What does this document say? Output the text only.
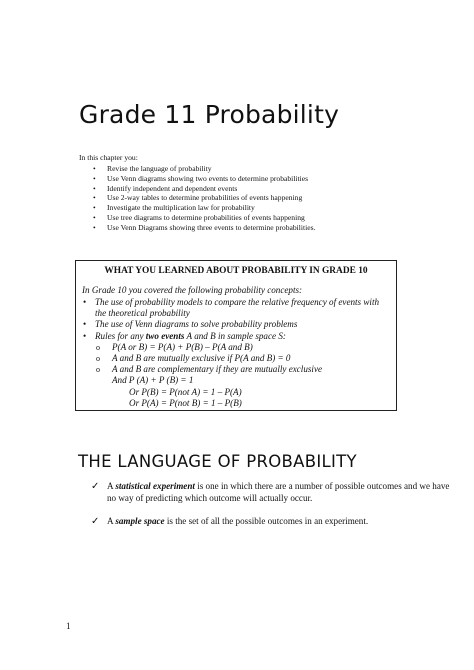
Grade 11 Probability
In this chapter you:
• Revise the language of probability
• Use Venn diagrams showing two events to determine probabilities
• Identify independent and dependent events
• Use 2-way tables to determine probabilities of events happening
• Investigate the multiplication law for probability
• Use tree diagrams to determine probabilities of events happening
• Use Venn Diagrams showing three events to determine probabilities.
WHAT YOU LEARNED ABOUT PROBABILITY IN GRADE 10
In Grade 10 you covered the following probability concepts:
• The use of probability models to compare the relative frequency of events with the theoretical probability
• The use of Venn diagrams to solve probability problems
• Rules for any two events A and B in sample space S:
o P(A or B) = P(A) + P(B) – P(A and B)
o A and B are mutually exclusive if P(A and B) = 0
o A and B are complementary if they are mutually exclusive
And P (A) + P (B) = 1
Or P(B) = P(not A) = 1 – P(A)
Or P(A) = P(not B) = 1 – P(B)
THE LANGUAGE OF PROBABILITY
✓ A statistical experiment is one in which there are a number of possible outcomes and we have no way of predicting which outcome will actually occur.
✓ A sample space is the set of all the possible outcomes in an experiment.
1
